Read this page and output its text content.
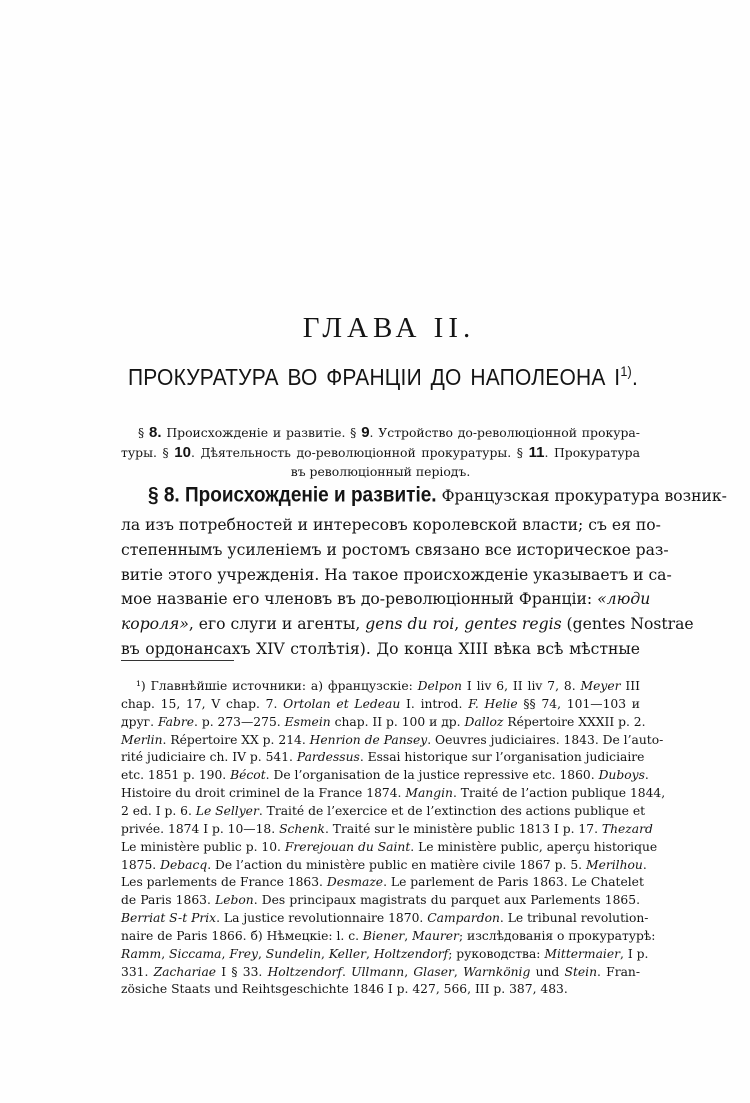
ГЛАВА II.
ПРОКУРАТУРА ВО ФРАНЦІИ ДО НАПОЛЕОНА $I^{1)}$.
§ 8. Происхожденіе и развитіе. § 9. Устройство до-революціонной прокура-
туры. § 10. Дѣятельность до-революціонной прокуратуры. § 11. Прокуратура
въ революціонный періодъ.
§ 8. Происхожденіе и развитіе. Французская прокуратура возник-
ла изъ потребностей и интересовъ королевской власти; съ ея по-
степеннымъ усиленіемъ и ростомъ связано все историческое раз-
витіе этого учрежденія. На такое происхожденіе указываетъ и са-
мое названіе его членовъ въ до-революціонный Франціи: «люди
короля», его слуги и агенты, gens du roi, gentes regis (gentes Nostrae
въ ордонансахъ XIV столѣтія). До конца XIII вѣка всѣ мѣстные
¹) Главнѣйшіе источники: а) французскіе: Delpon I liv 6, II liv 7, 8. Meyer III
chap. 15, 17, V chap. 7. Ortolan et Ledeau I. introd. F. Helie §§ 74, 101—103 и
друг. Fabre. p. 273—275. Esmein chap. II p. 100 и др. Dalloz Répertoire XXXII p. 2.
Merlin. Répertoire XX p. 214. Henrion de Pansey. Oeuvres judiciaires. 1843. De l’auto-
rité judiciaire ch. IV p. 541. Pardessus. Essai historique sur l’organisation judiciaire
etc. 1851 p. 190. Bécot. De l’organisation de la justice repressive etc. 1860. Duboys.
Histoire du droit criminel de la France 1874. Mangin. Traité de l’action publique 1844,
2 ed. I p. 6. Le Sellyer. Traité de l’exercice et de l’extinction des actions publique et
privée. 1874 I p. 10—18. Schenk. Traité sur le ministère public 1813 I p. 17. Thezard
Le ministère public p. 10. Frerejouan du Saint. Le ministère public, aperçu historique
1875. Debacq. De l’action du ministère public en matière civile 1867 p. 5. Merilhou.
Les parlements de France 1863. Desmaze. Le parlement de Paris 1863. Le Chatelet
de Paris 1863. Lebon. Des principaux magistrats du parquet aux Parlements 1865.
Berriat S-t Prix. La justice revolutionnaire 1870. Campardon. Le tribunal revolution-
naire de Paris 1866. б) Нѣмецкіе: l. c. Biener, Maurer; изслѣдованія о прокуратурѣ:
Ramm, Siccama, Frey, Sundelin, Keller, Holtzendorf; руководства: Mittermaier, I p.
331. Zachariae I § 33. Holtzendorf. Ullmann, Glaser, Warnkönig und Stein. Fran-
zösiche Staats und Reihtsgeschichte 1846 I p. 427, 566, III p. 387, 483.
